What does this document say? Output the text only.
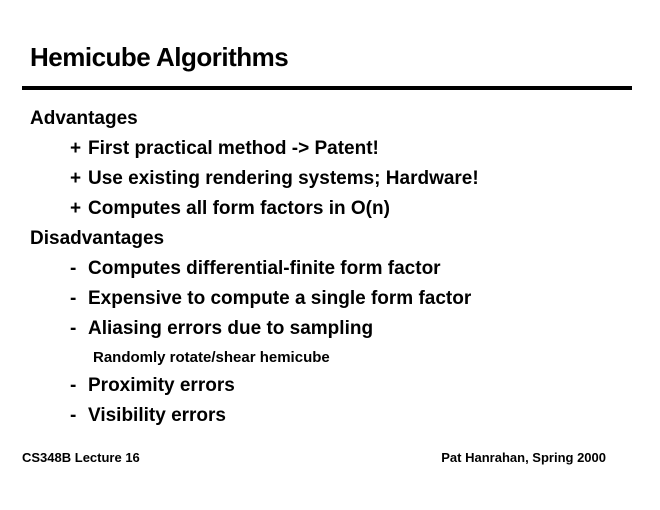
Hemicube Algorithms
Advantages
+ First practical method -> Patent!
+ Use existing rendering systems; Hardware!
+ Computes all form factors in O(n)
Disadvantages
- Computes differential-finite form factor
- Expensive to compute a single form factor
- Aliasing errors due to sampling
Randomly rotate/shear hemicube
- Proximity errors
- Visibility errors
CS348B Lecture 16	Pat Hanrahan, Spring 2000
